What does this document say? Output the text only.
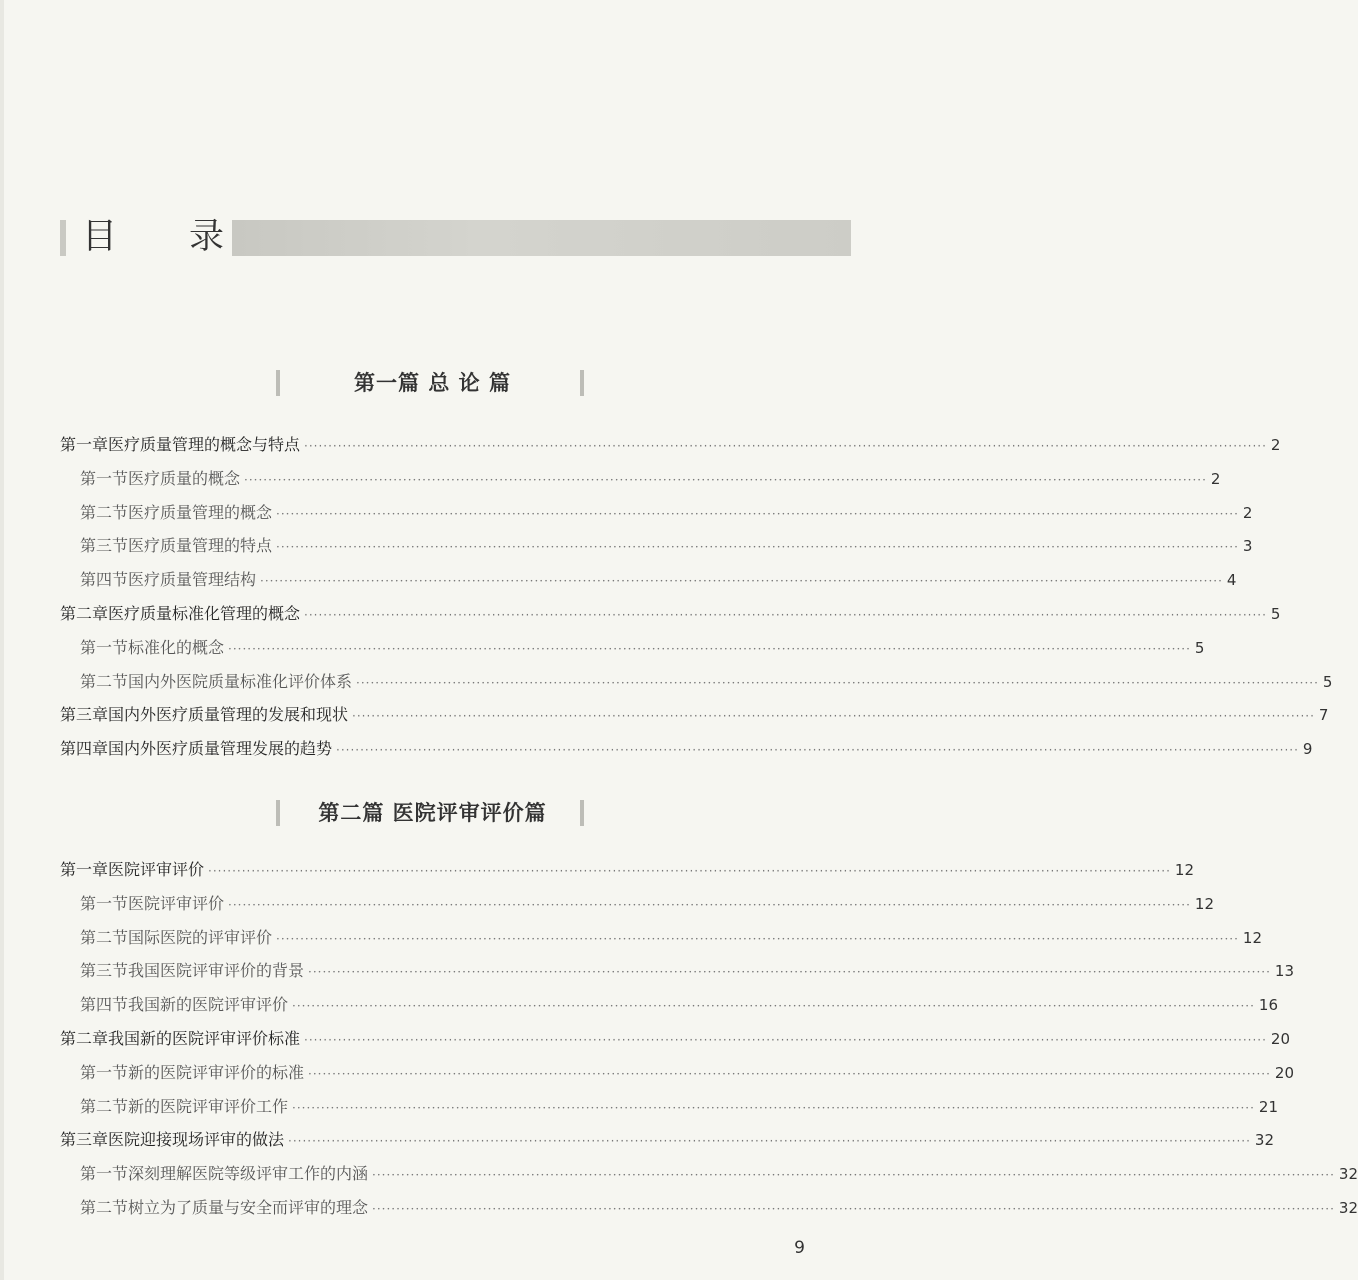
目 录
第一篇 总 论 篇
第一章 医疗质量管理的概念与特点 ········································································································································································································ 2
第一节 医疗质量的概念 ········································································································································································································ 2
第二节 医疗质量管理的概念 ········································································································································································································ 2
第三节 医疗质量管理的特点 ········································································································································································································ 3
第四节 医疗质量管理结构 ········································································································································································································ 4
第二章 医疗质量标准化管理的概念 ········································································································································································································ 5
第一节 标准化的概念 ········································································································································································································ 5
第二节 国内外医院质量标准化评价体系 ········································································································································································································ 5
第三章 国内外医疗质量管理的发展和现状 ········································································································································································································ 7
第四章 国内外医疗质量管理发展的趋势 ········································································································································································································ 9
第二篇 医院评审评价篇
第一章 医院评审评价 ········································································································································································································ 12
第一节 医院评审评价 ········································································································································································································ 12
第二节 国际医院的评审评价 ········································································································································································································ 12
第三节 我国医院评审评价的背景 ········································································································································································································ 13
第四节 我国新的医院评审评价 ········································································································································································································ 16
第二章 我国新的医院评审评价标准 ········································································································································································································ 20
第一节 新的医院评审评价的标准 ········································································································································································································ 20
第二节 新的医院评审评价工作 ········································································································································································································ 21
第三章 医院迎接现场评审的做法 ········································································································································································································ 32
第一节 深刻理解医院等级评审工作的内涵 ········································································································································································································ 32
第二节 树立为了质量与安全而评审的理念 ········································································································································································································ 32
9
